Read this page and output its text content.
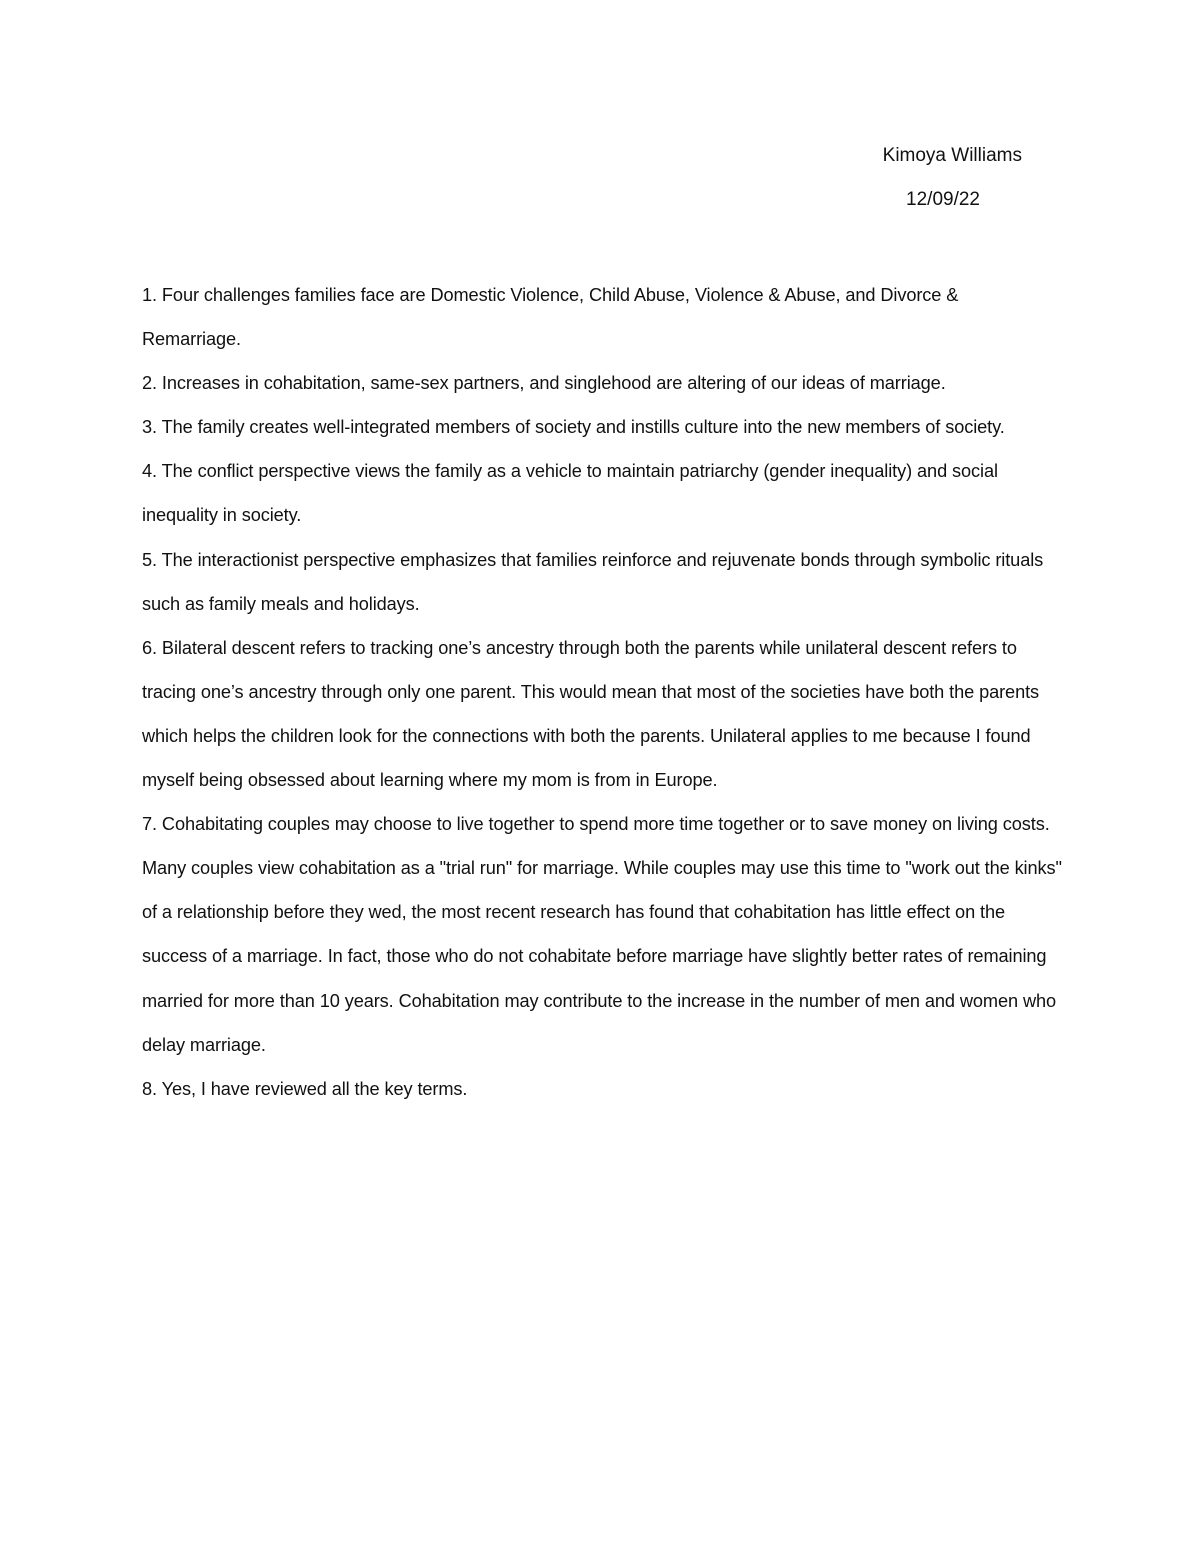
Kimoya Williams

12/09/22

1. Four challenges families face are Domestic Violence, Child Abuse, Violence & Abuse, and Divorce & Remarriage.

2. Increases in cohabitation, same-sex partners, and singlehood are altering of our ideas of marriage.

3. The family creates well-integrated members of society and instills culture into the new members of society.

4. The conflict perspective views the family as a vehicle to maintain patriarchy (gender inequality) and social inequality in society.

5. The interactionist perspective emphasizes that families reinforce and rejuvenate bonds through symbolic rituals such as family meals and holidays.

6. Bilateral descent refers to tracking one’s ancestry through both the parents while unilateral descent refers to tracing one’s ancestry through only one parent. This would mean that most of the societies have both the parents which helps the children look for the connections with both the parents. Unilateral applies to me because I found myself being obsessed about learning where my mom is from in Europe.

7. Cohabitating couples may choose to live together to spend more time together or to save money on living costs. Many couples view cohabitation as a "trial run" for marriage. While couples may use this time to "work out the kinks" of a relationship before they wed, the most recent research has found that cohabitation has little effect on the success of a marriage. In fact, those who do not cohabitate before marriage have slightly better rates of remaining married for more than 10 years. Cohabitation may contribute to the increase in the number of men and women who delay marriage.

8. Yes, I have reviewed all the key terms.
